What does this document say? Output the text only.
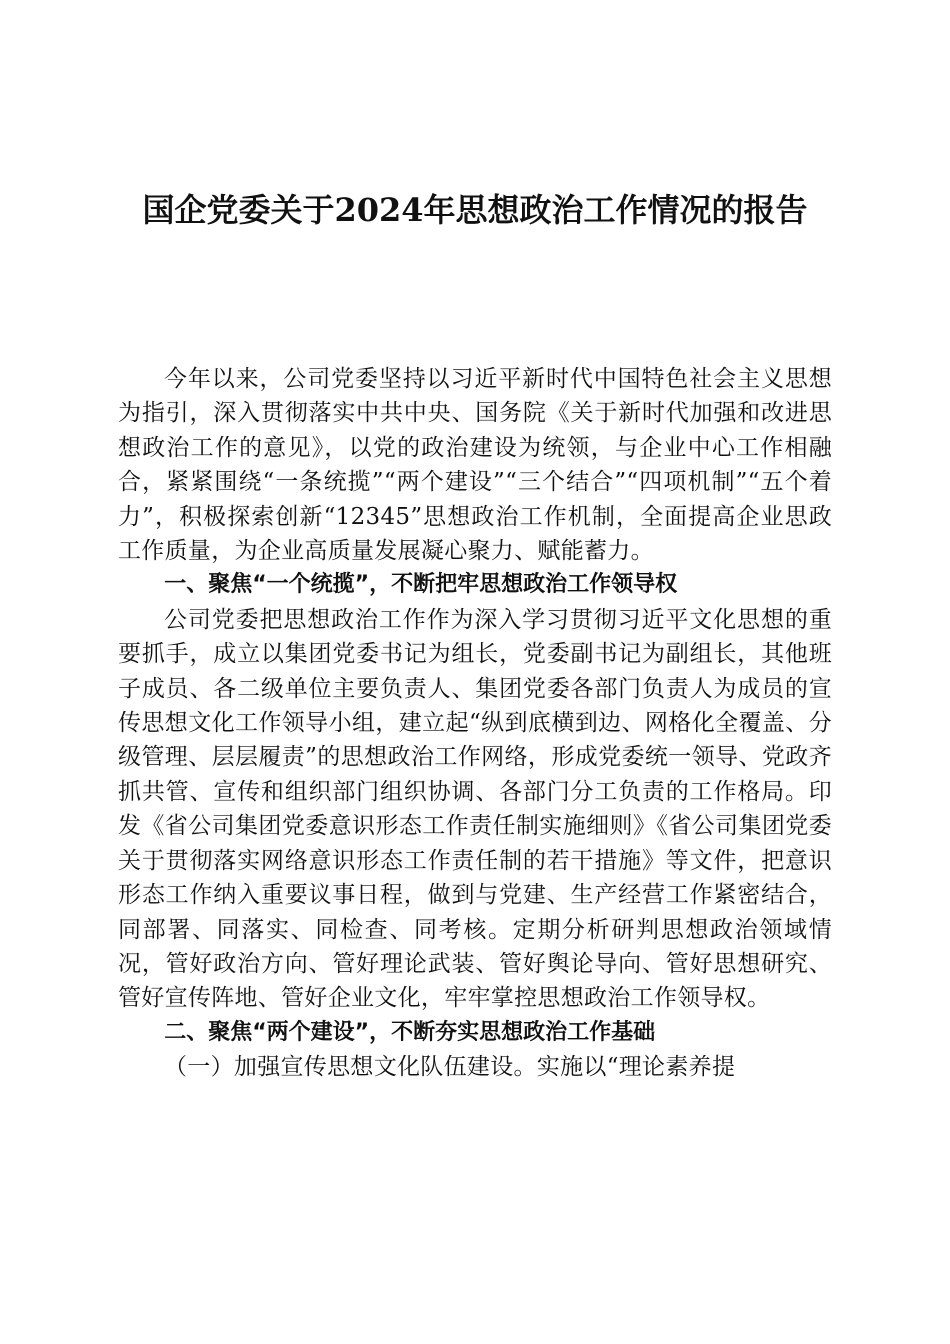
国企党委关于2024年思想政治工作情况的报告

今年以来，公司党委坚持以习近平新时代中国特色社会主义思想为指引，深入贯彻落实中共中央、国务院《关于新时代加强和改进思想政治工作的意见》，以党的政治建设为统领，与企业中心工作相融合，紧紧围绕“一条统揽”“两个建设”“三个结合”“四项机制”“五个着力”，积极探索创新“12345”思想政治工作机制，全面提高企业思政工作质量，为企业高质量发展凝心聚力、赋能蓄力。

一、聚焦“一个统揽”，不断把牢思想政治工作领导权

公司党委把思想政治工作作为深入学习贯彻习近平文化思想的重要抓手，成立以集团党委书记为组长，党委副书记为副组长，其他班子成员、各二级单位主要负责人、集团党委各部门负责人为成员的宣传思想文化工作领导小组，建立起“纵到底横到边、网格化全覆盖、分级管理、层层履责”的思想政治工作网络，形成党委统一领导、党政齐抓共管、宣传和组织部门组织协调、各部门分工负责的工作格局。印发《省公司集团党委意识形态工作责任制实施细则》《省公司集团党委关于贯彻落实网络意识形态工作责任制的若干措施》等文件，把意识形态工作纳入重要议事日程，做到与党建、生产经营工作紧密结合，同部署、同落实、同检查、同考核。定期分析研判思想政治领域情况，管好政治方向、管好理论武装、管好舆论导向、管好思想研究、管好宣传阵地、管好企业文化，牢牢掌控思想政治工作领导权。

二、聚焦“两个建设”，不断夯实思想政治工作基础

（一）加强宣传思想文化队伍建设。实施以“理论素养提
